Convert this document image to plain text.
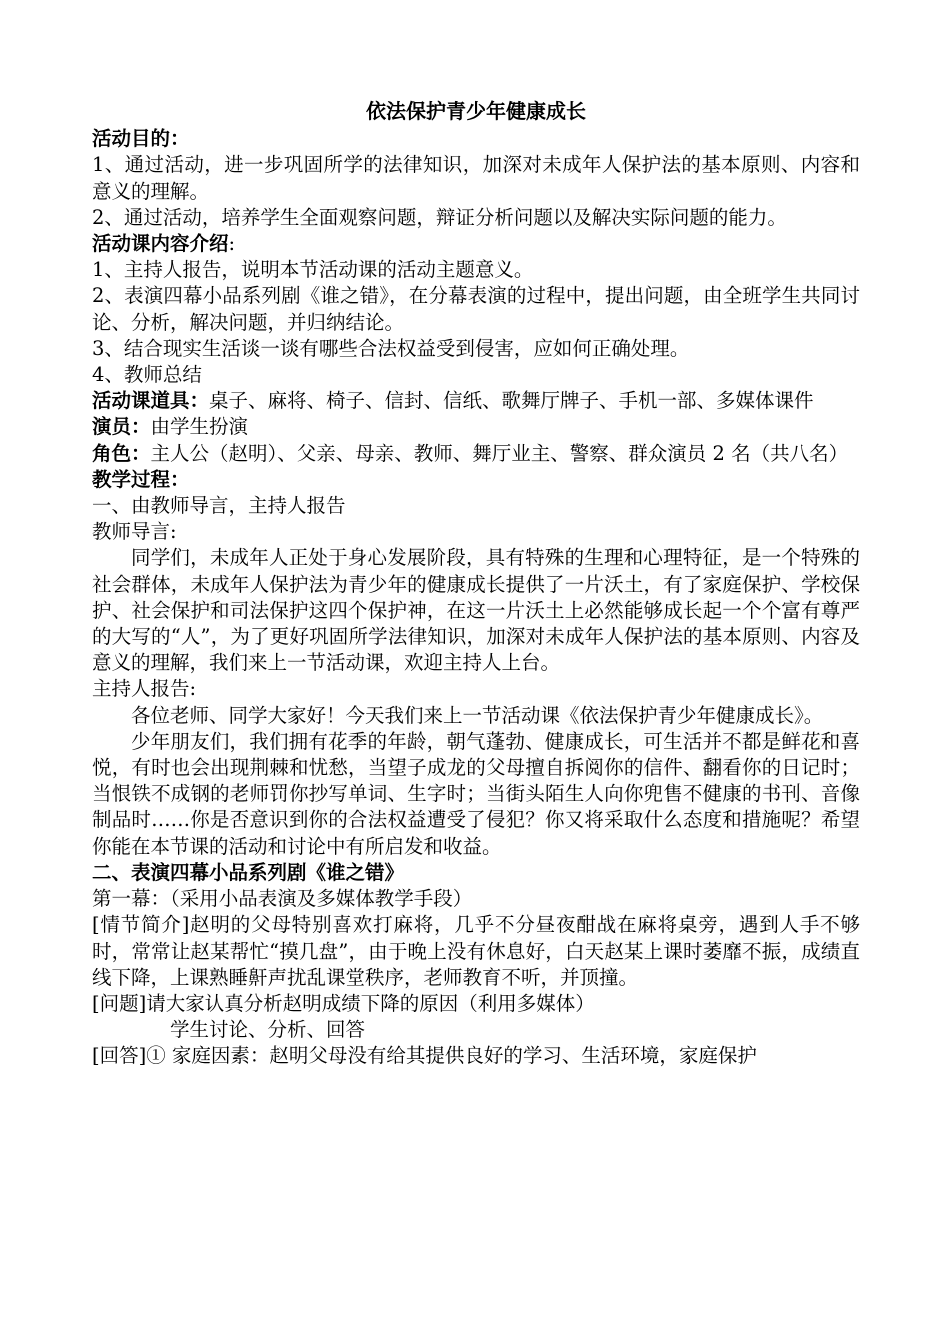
依法保护青少年健康成长
活动目的：
1、通过活动，进一步巩固所学的法律知识，加深对未成年人保护法的基本原则、内容和意义的理解。
2、通过活动，培养学生全面观察问题，辩证分析问题以及解决实际问题的能力。
活动课内容介绍:
1、主持人报告，说明本节活动课的活动主题意义。
2、表演四幕小品系列剧《谁之错》，在分幕表演的过程中，提出问题，由全班学生共同讨论、分析，解决问题，并归纳结论。
3、结合现实生活谈一谈有哪些合法权益受到侵害，应如何正确处理。
4、教师总结
活动课道具：桌子、麻将、椅子、信封、信纸、歌舞厅牌子、手机一部、多媒体课件
演员：由学生扮演
角色：主人公（赵明）、父亲、母亲、教师、舞厅业主、警察、群众演员 2 名（共八名）
教学过程：
一、由教师导言，主持人报告
教师导言:
同学们，未成年人正处于身心发展阶段，具有特殊的生理和心理特征，是一个特殊的社会群体，未成年人保护法为青少年的健康成长提供了一片沃土，有了家庭保护、学校保护、社会保护和司法保护这四个保护神，在这一片沃土上必然能够成长起一个个富有尊严的大写的“人”，为了更好巩固所学法律知识，加深对未成年人保护法的基本原则、内容及意义的理解，我们来上一节活动课，欢迎主持人上台。
主持人报告:
各位老师、同学大家好！今天我们来上一节活动课《依法保护青少年健康成长》。
少年朋友们，我们拥有花季的年龄，朝气蓬勃、健康成长，可生活并不都是鲜花和喜悦，有时也会出现荆棘和忧愁，当望子成龙的父母擅自拆阅你的信件、翻看你的日记时；当恨铁不成钢的老师罚你抄写单词、生字时；当街头陌生人向你兜售不健康的书刊、音像制品时……你是否意识到你的合法权益遭受了侵犯？你又将采取什么态度和措施呢？希望你能在本节课的活动和讨论中有所启发和收益。
二、表演四幕小品系列剧《谁之错》
第一幕：（采用小品表演及多媒体教学手段）
[情节简介]赵明的父母特别喜欢打麻将，几乎不分昼夜酣战在麻将桌旁，遇到人手不够时，常常让赵某帮忙“摸几盘”，由于晚上没有休息好，白天赵某上课时萎靡不振，成绩直线下降，上课熟睡鼾声扰乱课堂秩序，老师教育不听，并顶撞。
[问题]请大家认真分析赵明成绩下降的原因（利用多媒体）
学生讨论、分析、回答
[回答]① 家庭因素：赵明父母没有给其提供良好的学习、生活环境，家庭保护
